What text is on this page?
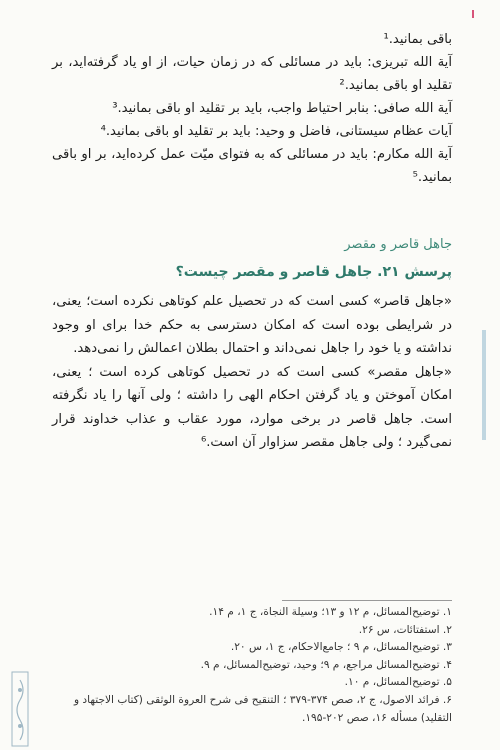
باقی بمانید.¹

آیة الله تبریزی: باید در مسائلی که در زمان حیات، از او یاد گرفته‌اید، بر تقلید او باقی بمانید.²

آیة الله صافی: بنابر احتیاط واجب، باید بر تقلید او باقی بمانید.³

آیات عظام سیستانی، فاضل و وحید: باید بر تقلید او باقی بمانید.⁴

آیة الله مکارم: باید در مسائلی که به فتوای میّت عمل کرده‌اید، بر او باقی بمانید.⁵

جاهل قاصر و مقصر
پرسش ۲۱. جاهل قاصر و مقصر چیست؟

«جاهل قاصر» کسی است که در تحصیل علم کوتاهی نکرده است؛ یعنی، در شرایطی بوده است که امکان دسترسی به حکم خدا برای او وجود نداشته و یا خود را جاهل نمی‌داند و احتمال بطلان اعمالش را نمی‌دهد.

«جاهل مقصر» کسی است که در تحصیل کوتاهی کرده است ؛ یعنی، امکان آموختن و یاد گرفتن احکام الهی را داشته ؛ ولی آنها را یاد نگرفته است. جاهل قاصر در برخی موارد، مورد عقاب و عذاب خداوند قرار نمی‌گیرد ؛ ولی جاهل مقصر سزاوار آن است.⁶

۱. توضیح‌المسائل، م ۱۲ و ۱۳؛ وسیلة النجاة، ج ۱، م ۱۴.

۲. استفتائات، س ۲۶.

۳. توضیح‌المسائل، م ۹ ؛ جامع‌الاحکام، ج ۱، س ۲۰.

۴. توضیح‌المسائل مراجع، م ۹؛ وحید، توضیح‌المسائل، م ۹.

۵. توضیح‌المسائل، م ۱۰.

۶. فرائد الاصول، ج ۲، صص ۳۷۴-۳۷۹ ؛ التنقیح فی شرح العروة الوثقی (کتاب الاجتهاد و التقلید) مسأله ۱۶، صص ۲۰۲-۱۹۵.
